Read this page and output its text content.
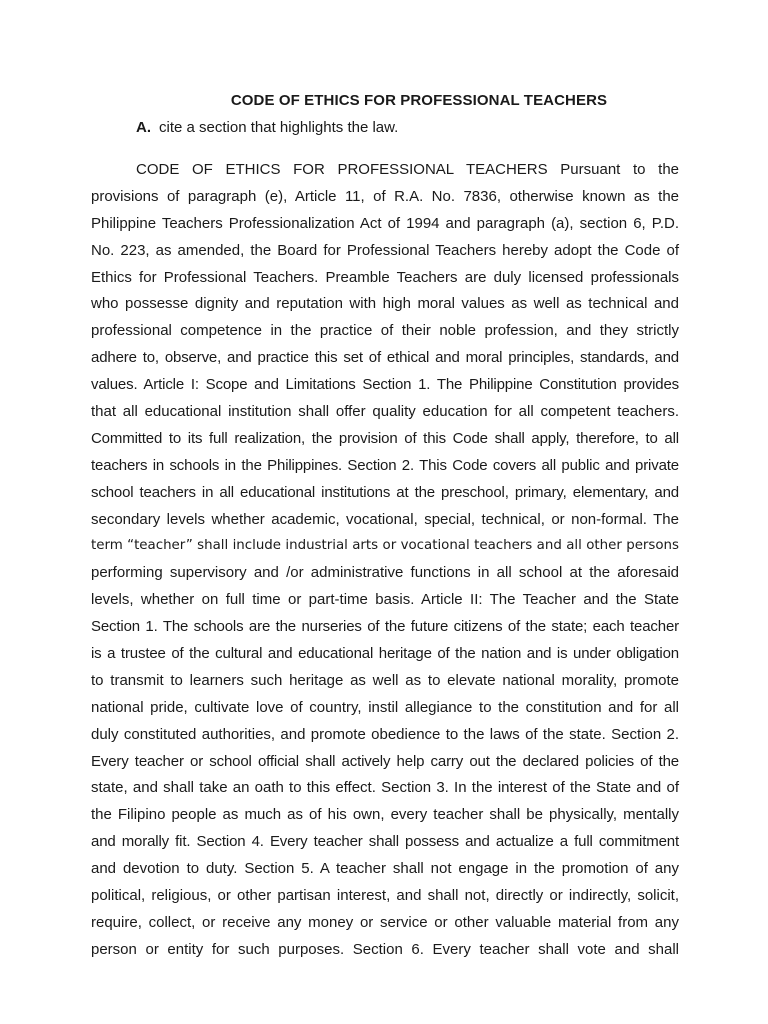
CODE OF ETHICS FOR PROFESSIONAL TEACHERS
A. cite a section that highlights the law.
CODE OF ETHICS FOR PROFESSIONAL TEACHERS Pursuant to the
provisions of paragraph (e), Article 11, of R.A. No. 7836, otherwise known as the
Philippine Teachers Professionalization Act of 1994 and paragraph (a), section 6, P.D.
No. 223, as amended, the Board for Professional Teachers hereby adopt the Code of
Ethics for Professional Teachers. Preamble Teachers are duly licensed professionals
who possesse dignity and reputation with high moral values as well as technical and
professional competence in the practice of their noble profession, and they strictly
adhere to, observe, and practice this set of ethical and moral principles, standards, and
values. Article I: Scope and Limitations Section 1. The Philippine Constitution provides
that all educational institution shall offer quality education for all competent teachers.
Committed to its full realization, the provision of this Code shall apply, therefore, to all
teachers in schools in the Philippines. Section 2. This Code covers all public and private
school teachers in all educational institutions at the preschool, primary, elementary, and
secondary levels whether academic, vocational, special, technical, or non-formal. The
term “teacher” shall include industrial arts or vocational teachers and all other persons
performing supervisory and /or administrative functions in all school at the aforesaid
levels, whether on full time or part-time basis. Article II: The Teacher and the State
Section 1. The schools are the nurseries of the future citizens of the state; each teacher
is a trustee of the cultural and educational heritage of the nation and is under obligation
to transmit to learners such heritage as well as to elevate national morality, promote
national pride, cultivate love of country, instil allegiance to the constitution and for all
duly constituted authorities, and promote obedience to the laws of the state. Section 2.
Every teacher or school official shall actively help carry out the declared policies of the
state, and shall take an oath to this effect. Section 3. In the interest of the State and of
the Filipino people as much as of his own, every teacher shall be physically, mentally
and morally fit. Section 4. Every teacher shall possess and actualize a full commitment
and devotion to duty. Section 5. A teacher shall not engage in the promotion of any
political, religious, or other partisan interest, and shall not, directly or indirectly, solicit,
require, collect, or receive any money or service or other valuable material from any
person or entity for such purposes. Section 6. Every teacher shall vote and shall
